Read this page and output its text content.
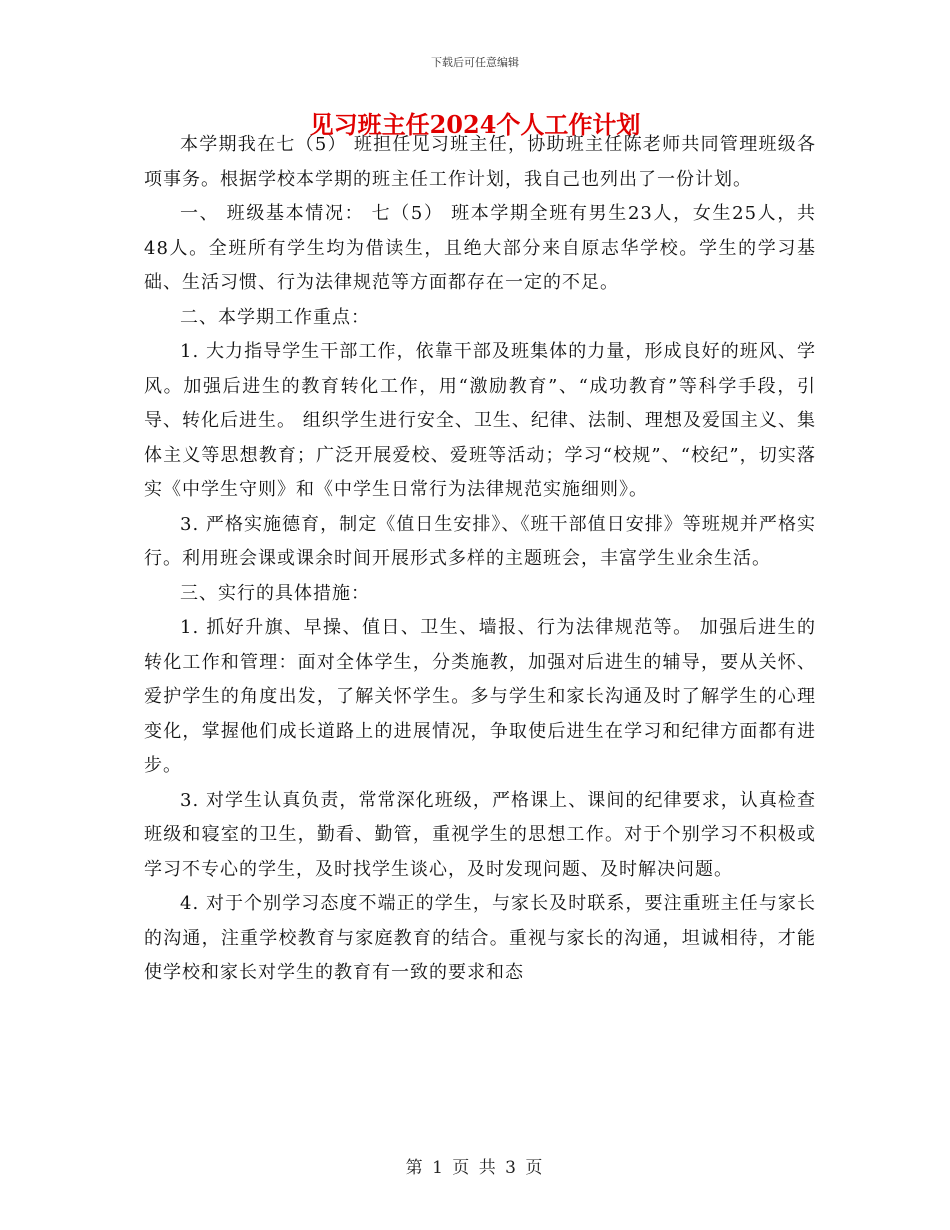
下载后可任意编辑
见习班主任2024个人工作计划

本学期我在七（5） 班担任见习班主任，协助班主任陈老师共同管理班级各项事务。根据学校本学期的班主任工作计划，我自己也列出了一份计划。

一、 班级基本情况： 七（5） 班本学期全班有男生23人，女生25人，共48人。全班所有学生均为借读生，且绝大部分来自原志华学校。学生的学习基础、生活习惯、行为法律规范等方面都存在一定的不足。

二、本学期工作重点：

1. 大力指导学生干部工作，依靠干部及班集体的力量，形成良好的班风、学风。加强后进生的教育转化工作，用“激励教育”、“成功教育”等科学手段，引导、转化后进生。 组织学生进行安全、卫生、纪律、法制、理想及爱国主义、集体主义等思想教育；广泛开展爱校、爱班等活动；学习“校规”、“校纪”，切实落实《中学生守则》和《中学生日常行为法律规范实施细则》。

3. 严格实施德育，制定《值日生安排》、《班干部值日安排》等班规并严格实行。利用班会课或课余时间开展形式多样的主题班会，丰富学生业余生活。

三、实行的具体措施：

1. 抓好升旗、早操、值日、卫生、墙报、行为法律规范等。 加强后进生的转化工作和管理：面对全体学生，分类施教，加强对后进生的辅导，要从关怀、爱护学生的角度出发，了解关怀学生。多与学生和家长沟通及时了解学生的心理变化，掌握他们成长道路上的进展情况，争取使后进生在学习和纪律方面都有进步。

3. 对学生认真负责，常常深化班级，严格课上、课间的纪律要求，认真检查班级和寝室的卫生，勤看、勤管，重视学生的思想工作。对于个别学习不积极或学习不专心的学生，及时找学生谈心，及时发现问题、及时解决问题。

4. 对于个别学习态度不端正的学生，与家长及时联系，要注重班主任与家长的沟通，注重学校教育与家庭教育的结合。重视与家长的沟通，坦诚相待，才能使学校和家长对学生的教育有一致的要求和态

第 1 页 共 3 页
